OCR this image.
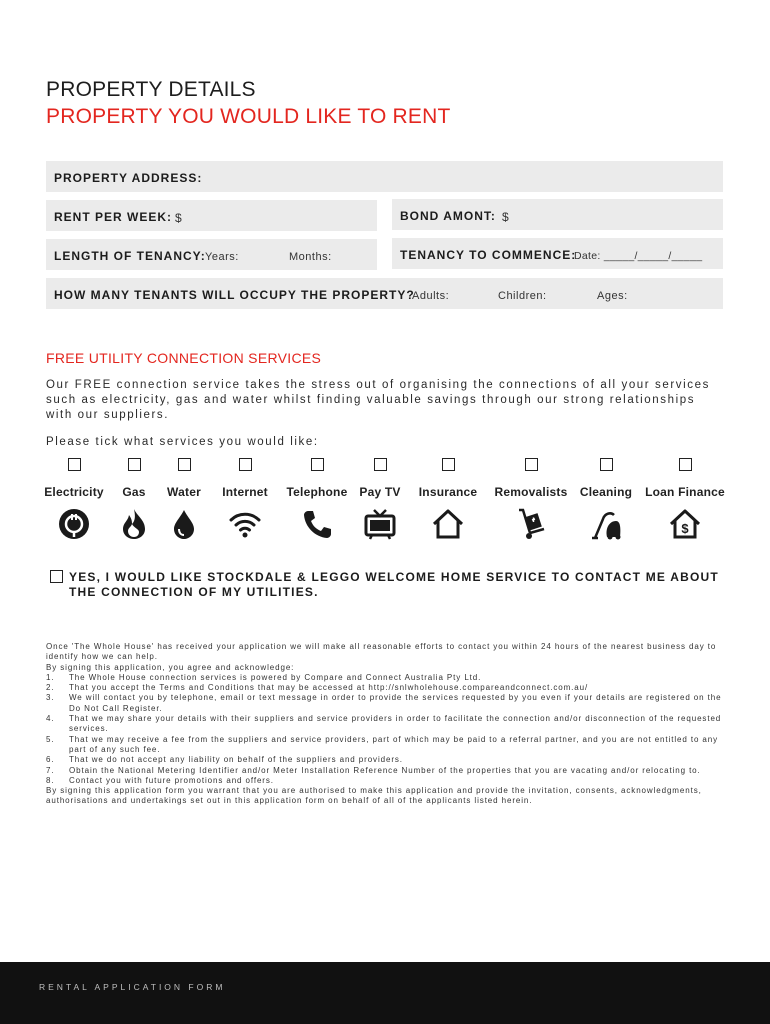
PROPERTY DETAILS
PROPERTY YOU WOULD LIKE TO RENT
PROPERTY ADDRESS:
RENT PER WEEK: $	BOND AMONT: $
LENGTH OF TENANCY: Years:	Months:	TENANCY TO COMMENCE:
Date: _____/_____/_____
HOW MANY TENANTS WILL OCCUPY THE PROPERTY?
Adults:	Children:	Ages:
FREE UTILITY CONNECTION SERVICES
Our FREE connection service takes the stress out of organising the connections of all your services such as electricity, gas and water whilst finding valuable savings through our strong relationships with our suppliers.
Please tick what services you would like:
Electricity	Gas	Water	Internet	Telephone Pay TV Insurance Removalists Cleaning Loan Finance
$
YES, I WOULD LIKE STOCKDALE & LEGGO WELCOME HOME SERVICE TO CONTACT ME ABOUT THE CONNECTION OF MY UTILITIES.
Once 'The Whole House' has received your application we will make all reasonable efforts to contact you within 24 hours of the nearest business day to identify how we can help.
By signing this application, you agree and acknowledge:
1.	The Whole House connection services is powered by Compare and Connect Australia Pty Ltd.
2.	That you accept the Terms and Conditions that may be accessed at http://snlwholehouse.compareandconnect.com.au/
3.	We will contact you by telephone, email or text message in order to provide the services requested by you even if your details are registered on the Do Not Call Register.
4.	That we may share your details with their suppliers and service providers in order to facilitate the connection and/or disconnection of the requested services.
5.	That we may receive a fee from the suppliers and service providers, part of which may be paid to a referral partner, and you are not entitled to any part of any such fee.
6.	That we do not accept any liability on behalf of the suppliers and providers.
7.	Obtain the National Metering Identifier and/or Meter Installation Reference Number of the properties that you are vacating and/or relocating to.
8.	Contact you with future promotions and offers.
By signing this application form you warrant that you are authorised to make this application and provide the invitation, consents, acknowledgments, authorisations and undertakings set out in this application form on behalf of all of the applicants listed herein.
RENTAL APPLICATION FORM
